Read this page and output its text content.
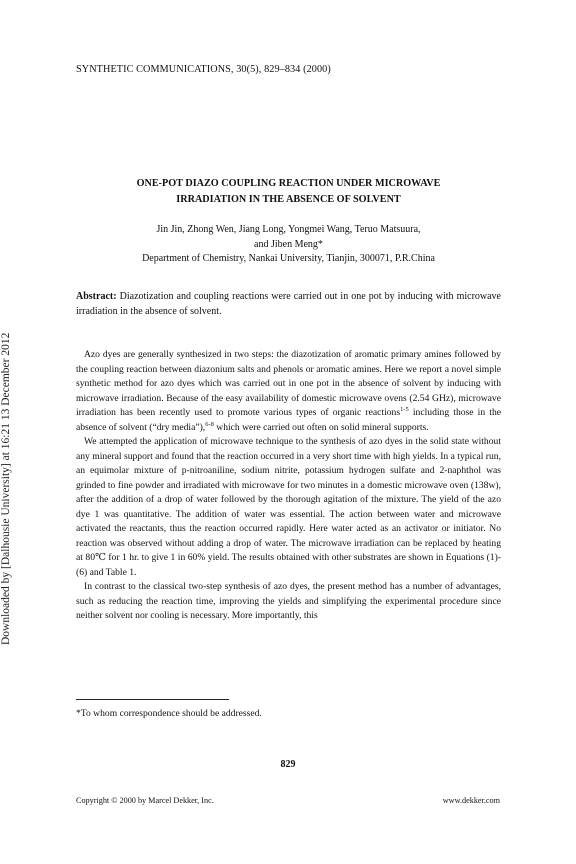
SYNTHETIC COMMUNICATIONS, 30(5), 829–834 (2000)
Downloaded by [Dalhousie University] at 16:21 13 December 2012
ONE-POT DIAZO COUPLING REACTION UNDER MICROWAVE
IRRADIATION IN THE ABSENCE OF SOLVENT
Jin Jin, Zhong Wen, Jiang Long, Yongmei Wang, Teruo Matsuura,
and Jiben Meng*
Department of Chemistry, Nankai University, Tianjin, 300071, P.R.China
Abstract: Diazotization and coupling reactions were carried out in one pot by inducing with microwave irradiation in the absence of solvent.

Azo dyes are generally synthesized in two steps: the diazotization of aromatic primary amines followed by the coupling reaction between diazonium salts and phenols or aromatic amines. Here we report a novel simple synthetic method for azo dyes which was carried out in one pot in the absence of solvent by inducing with microwave irradiation. Because of the easy availability of domestic microwave ovens (2.54 GHz), microwave irradiation has been recently used to promote various types of organic reactions$^{1-5}$ including those in the absence of solvent (“dry media”),$^{6-8}$ which were carried out often on solid mineral supports.

We attempted the application of microwave technique to the synthesis of azo dyes in the solid state without any mineral support and found that the reaction occurred in a very short time with high yields. In a typical run, an equimolar mixture of p-nitroaniline, sodium nitrite, potassium hydrogen sulfate and 2-naphthol was grinded to fine powder and irradiated with microwave for two minutes in a domestic microwave oven (138w), after the addition of a drop of water followed by the thorough agitation of the mixture. The yield of the azo dye 1 was quantitative. The addition of water was essential. The action between water and microwave activated the reactants, thus the reaction occurred rapidly. Here water acted as an activator or initiator. No reaction was observed without adding a drop of water. The microwave irradiation can be replaced by heating at 80℃ for 1 hr. to give 1 in 60% yield. The results obtained with other substrates are shown in Equations (1)-(6) and Table 1.

In contrast to the classical two-step synthesis of azo dyes, the present method has a number of advantages, such as reducing the reaction time, improving the yields and simplifying the experimental procedure since neither solvent nor cooling is necessary. More importantly, this

*To whom correspondence should be addressed.
829
Copyright © 2000 by Marcel Dekker, Inc.	www.dekker.com
